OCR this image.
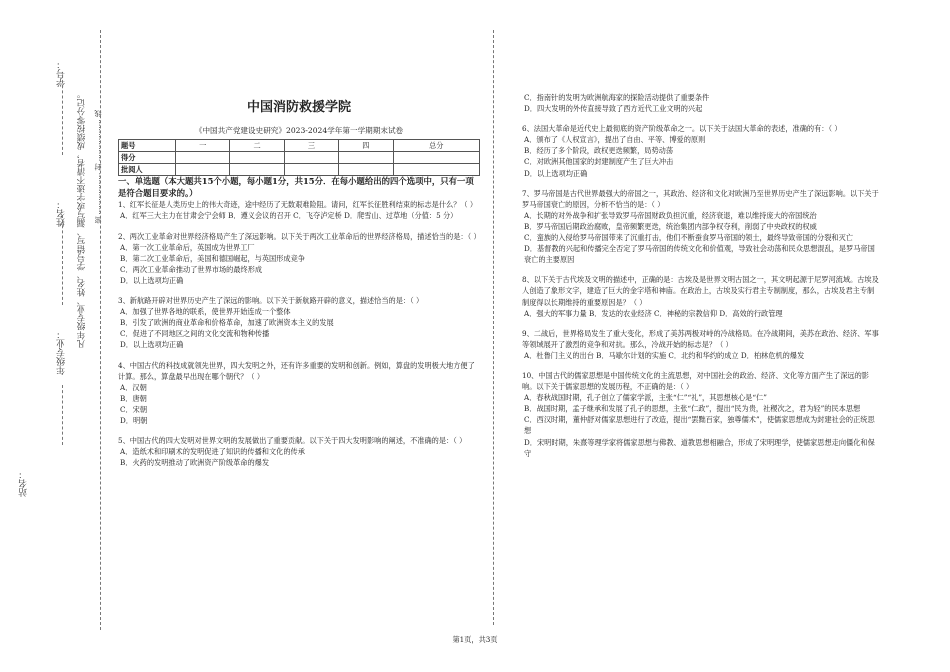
学号：
姓名： 凡年级专业、姓名、学号错写、漏写或字迹不清者，成绩按零分记。
年级专业：
密 ……………… 封 ……………… 线
站名：
中国消防救援学院
《中国共产党建设史研究》2023-2024学年第一学期期末试卷
题号	一	二	三	四	总分
得分					
批阅人					

一、单选题（本大题共15个小题，每小题1分，共15分．在每小题给出的四个选项中，只有一项是符合题目要求的。）

1、红军长征是人类历史上的伟大奇迹，途中经历了无数艰难险阻。请问，红军长征胜利结束的标志是什么？（ ）

A．红军三大主力在甘肃会宁会师 B．遵义会议的召开 C．飞夺泸定桥 D．爬雪山、过草地（分值：5 分）

2、两次工业革命对世界经济格局产生了深远影响。以下关于两次工业革命后的世界经济格局，描述恰当的是：（ ）

A．第一次工业革命后，英国成为世界工厂

B．第二次工业革命后，美国和德国崛起，与英国形成竞争

C．两次工业革命推动了世界市场的最终形成

D．以上选项均正确

3、新航路开辟对世界历史产生了深远的影响。以下关于新航路开辟的意义，描述恰当的是：（ ）

A．加强了世界各地的联系，使世界开始连成一个整体

B．引发了欧洲的商业革命和价格革命，加速了欧洲资本主义的发展

C．促进了不同地区之间的文化交流和物种传播

D．以上选项均正确

4、中国古代的科技成就领先世界，四大发明之外，还有许多重要的发明和创新。例如，算盘的发明极大地方便了计算。那么，算盘最早出现在哪个朝代？（ ）

A．汉朝

B．唐朝

C．宋朝

D．明朝

5、中国古代的四大发明对世界文明的发展做出了重要贡献。以下关于四大发明影响的阐述，不准确的是：（ ）

A．造纸术和印刷术的发明促进了知识的传播和文化的传承

B．火药的发明推动了欧洲资产阶级革命的爆发

C．指南针的发明为欧洲航海家的探险活动提供了重要条件

D．四大发明的外传直接导致了西方近代工业文明的兴起

6、法国大革命是近代史上最彻底的资产阶级革命之一。以下关于法国大革命的表述，准确的有：（ ）

A．颁布了《人权宣言》，提出了自由、平等、博爱的原则

B．经历了多个阶段，政权更迭频繁，局势动荡

C．对欧洲其他国家的封建制度产生了巨大冲击

D．以上选项均正确

7、罗马帝国是古代世界最强大的帝国之一，其政治、经济和文化对欧洲乃至世界历史产生了深远影响。以下关于罗马帝国衰亡的原因，分析不恰当的是：（ ）

A．长期的对外战争和扩张导致罗马帝国财政负担沉重，经济衰退，难以维持庞大的帝国统治

B．罗马帝国后期政治腐败，皇帝频繁更迭，统治集团内部争权夺利，削弱了中央政权的权威

C．蛮族的入侵给罗马帝国带来了沉重打击，他们不断蚕食罗马帝国的领土，最终导致帝国的分裂和灭亡

D．基督教的兴起和传播完全否定了罗马帝国的传统文化和价值观，导致社会动荡和民众思想混乱，是罗马帝国衰亡的主要原因

8、以下关于古代埃及文明的描述中，正确的是：古埃及是世界文明古国之一，其文明起源于尼罗河流域。古埃及人创造了象形文字，建造了巨大的金字塔和神庙。在政治上，古埃及实行君主专制制度，那么，古埃及君主专制制度得以长期维持的重要原因是？（ ）

A．强大的军事力量 B．发达的农业经济 C．神秘的宗教信仰 D．高效的行政管理

9、二战后，世界格局发生了重大变化，形成了美苏两极对峙的冷战格局。在冷战期间，美苏在政治、经济、军事等领域展开了激烈的竞争和对抗。那么，冷战开始的标志是？（ ）

A．杜鲁门主义的出台 B．马歇尔计划的实施 C．北约和华约的成立 D．柏林危机的爆发

10、中国古代的儒家思想是中国传统文化的主流思想，对中国社会的政治、经济、文化等方面产生了深远的影响。以下关于儒家思想的发展历程，不正确的是：（ ）

A．春秋战国时期，孔子创立了儒家学派，主张“仁”“礼”，其思想核心是“仁”

B．战国时期，孟子继承和发展了孔子的思想，主张“仁政”，提出“民为贵，社稷次之，君为轻”的民本思想

C．西汉时期，董仲舒对儒家思想进行了改造，提出“罢黜百家，独尊儒术”，使儒家思想成为封建社会的正统思想

D．宋明时期，朱熹等理学家将儒家思想与佛教、道教思想相融合，形成了宋明理学，使儒家思想走向僵化和保守

第1页，共3页
